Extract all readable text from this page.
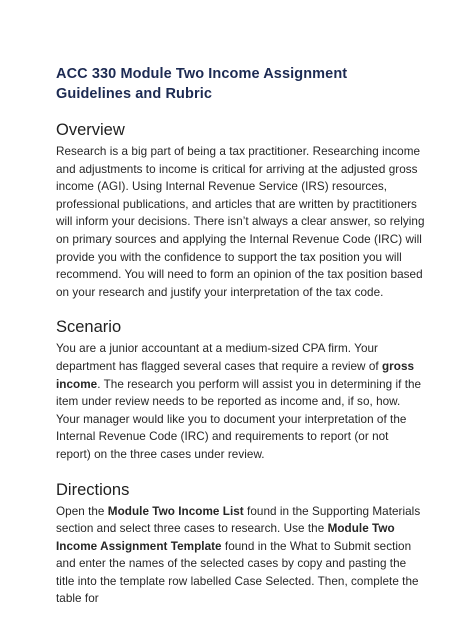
ACC 330 Module Two Income Assignment Guidelines and Rubric
Overview

Research is a big part of being a tax practitioner. Researching income and adjustments to income is critical for arriving at the adjusted gross income (AGI). Using Internal Revenue Service (IRS) resources, professional publications, and articles that are written by practitioners will inform your decisions. There isn’t always a clear answer, so relying on primary sources and applying the Internal Revenue Code (IRC) will provide you with the confidence to support the tax position you will recommend. You will need to form an opinion of the tax position based on your research and justify your interpretation of the tax code.

Scenario

You are a junior accountant at a medium-sized CPA firm. Your department has flagged several cases that require a review of gross income. The research you perform will assist you in determining if the item under review needs to be reported as income and, if so, how. Your manager would like you to document your interpretation of the Internal Revenue Code (IRC) and requirements to report (or not report) on the three cases under review.

Directions

Open the Module Two Income List found in the Supporting Materials section and select three cases to research. Use the Module Two Income Assignment Template found in the What to Submit section and enter the names of the selected cases by copy and pasting the title into the template row labelled Case Selected. Then, complete the table for
